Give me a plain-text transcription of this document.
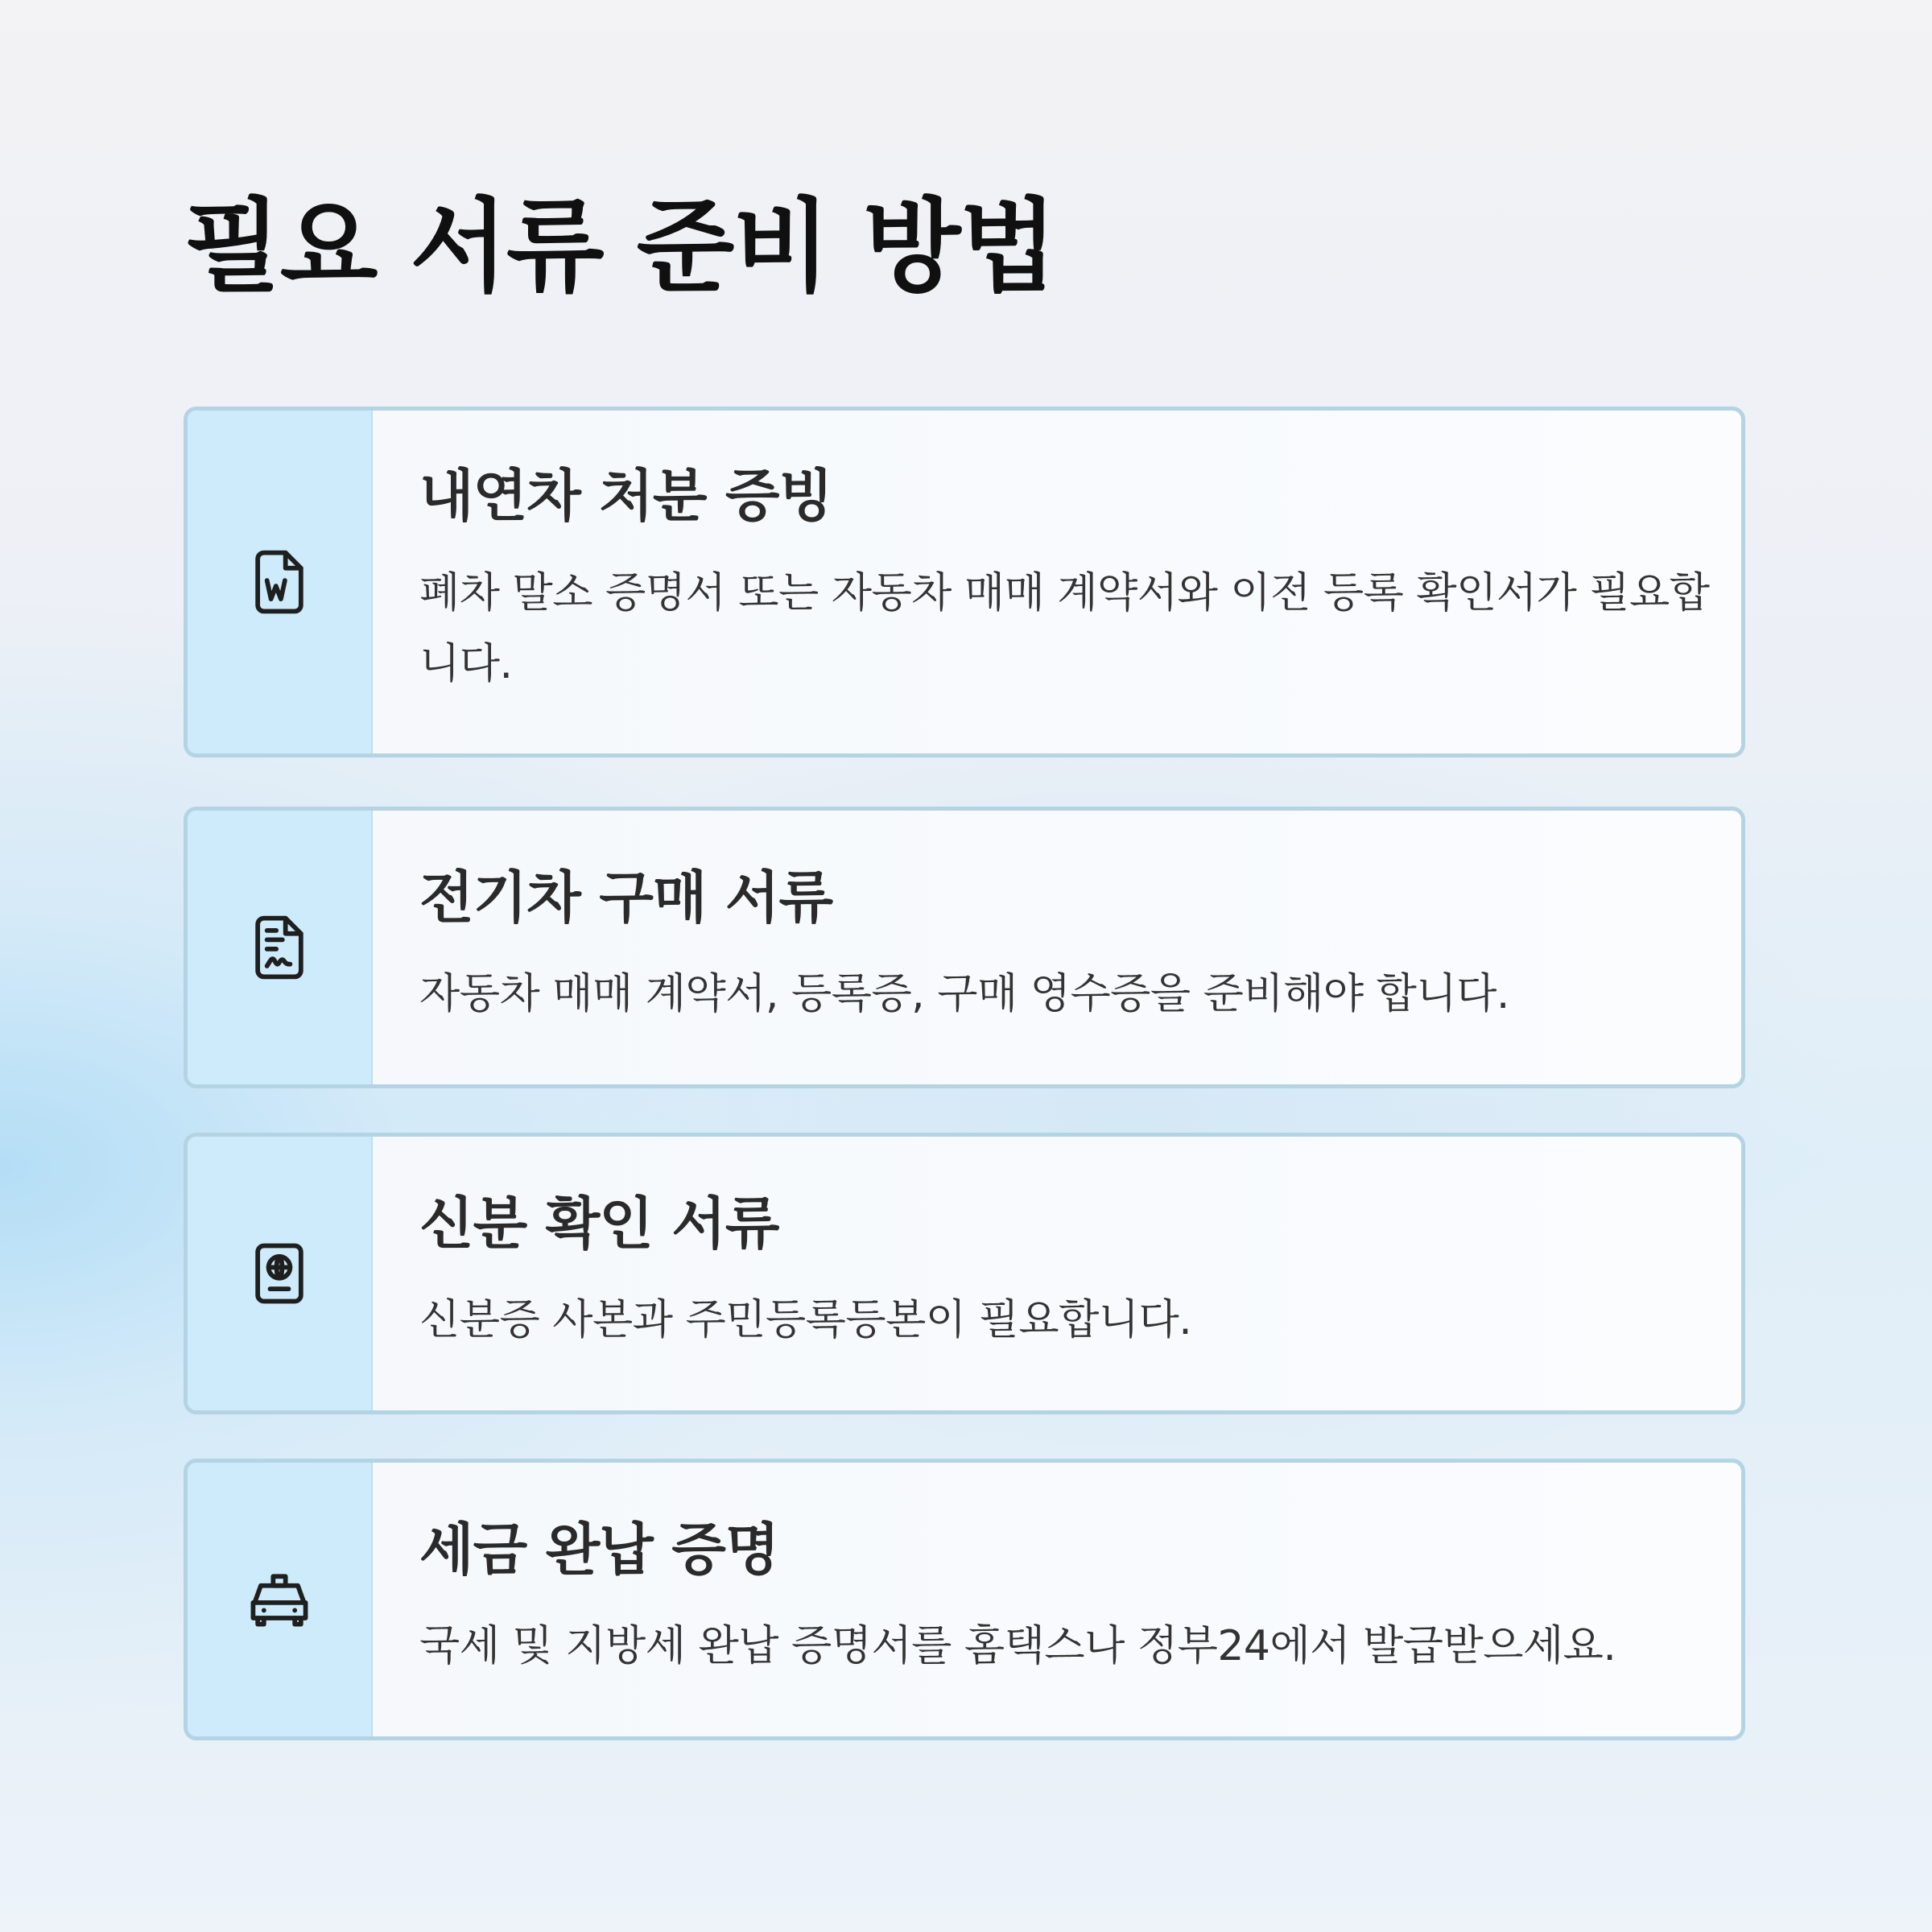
필요 서류 준비 방법
내연차 처분 증빙

폐차 말소 증명서 또는 자동차 매매 계약서와 이전 등록 확인서가 필요합니다.

전기차 구매 서류

자동차 매매 계약서, 등록증, 구매 영수증을 준비해야 합니다.

신분 확인 서류

신분증 사본과 주민등록등본이 필요합니다.

세금 완납 증명

국세 및 지방세 완납 증명서를 홈택스나 정부24에서 발급받으세요.
